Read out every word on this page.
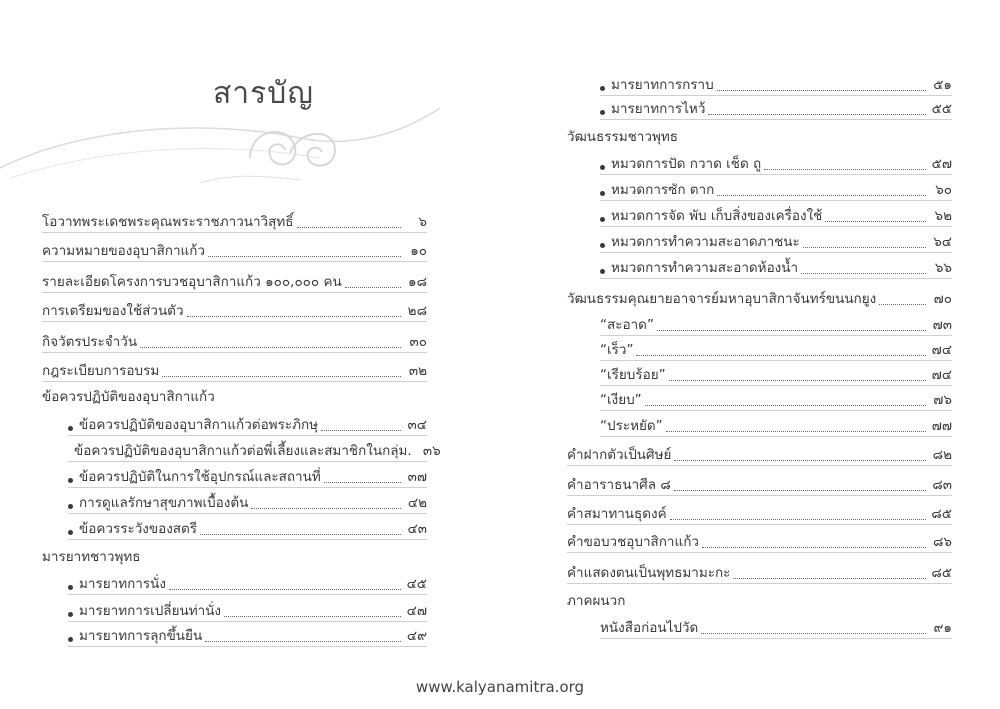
สารบัญ
โอวาทพระเดชพระคุณพระราชภาวนาวิสุทธิ์	๖
ความหมายของอุบาสิกาแก้ว	๑๐
รายละเอียดโครงการบวชอุบาสิกาแก้ว ๑๐๐,๐๐๐ คน	๑๘
การเตรียมของใช้ส่วนตัว	๒๘
กิจวัตรประจำวัน	๓๐
กฎระเบียบการอบรม	๓๒
ข้อควรปฏิบัติของอุบาสิกาแก้ว
ข้อควรปฏิบัติของอุบาสิกาแก้วต่อพระภิกษุ	๓๔
ข้อควรปฏิบัติของอุบาสิกาแก้วต่อพี่เลี้ยงและสมาชิกในกลุ่ม. ๓๖
ข้อควรปฏิบัติในการใช้อุปกรณ์และสถานที่	๓๗
การดูแลรักษาสุขภาพเบื้องต้น	๔๒
ข้อควรระวังของสตรี	๔๓
มารยาทชาวพุทธ
มารยาทการนั่ง	๔๕
มารยาทการเปลี่ยนท่านั่ง	๔๗
มารยาทการลุกขึ้นยืน	๔๙
มารยาทการกราบ	๕๑
มารยาทการไหว้	๕๕
วัฒนธรรมชาวพุทธ
หมวดการปัด กวาด เช็ด ถู	๕๗
หมวดการซัก ตาก	๖๐
หมวดการจัด พับ เก็บสิ่งของเครื่องใช้	๖๒
หมวดการทำความสะอาดภาชนะ	๖๔
หมวดการทำความสะอาดห้องน้ำ	๖๖
วัฒนธรรมคุณยายอาจารย์มหาอุบาสิกาจันทร์ขนนกยูง	๗๐
“สะอาด”	๗๓
“เร็ว”	๗๔
“เรียบร้อย”	๗๔
“เงียบ”	๗๖
“ประหยัด”	๗๗
คำฝากตัวเป็นศิษย์	๘๒
คำอาราธนาศีล ๘	๘๓
คำสมาทานธุดงค์	๘๕
คำขอบวชอุบาสิกาแก้ว	๘๖
คำแสดงตนเป็นพุทธมามะกะ	๘๕
ภาคผนวก
หนังสือก่อนไปวัด	๙๑
www.kalyanamitra.org
